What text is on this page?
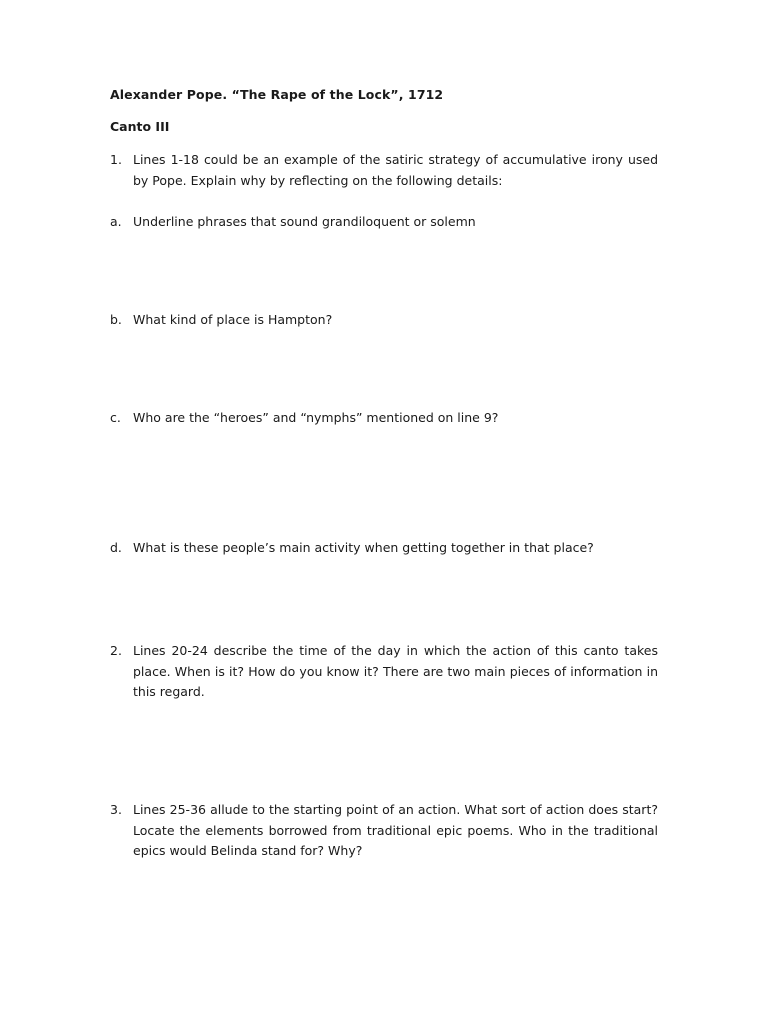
Alexander Pope. “The Rape of the Lock”, 1712
Canto III
1. Lines 1-18 could be an example of the satiric strategy of accumulative irony used by Pope. Explain why by reflecting on the following details:
a. Underline phrases that sound grandiloquent or solemn
b. What kind of place is Hampton?
c. Who are the “heroes” and “nymphs” mentioned on line 9?
d. What is these people’s main activity when getting together in that place?
2. Lines 20-24 describe the time of the day in which the action of this canto takes place. When is it? How do you know it? There are two main pieces of information in this regard.
3. Lines 25-36 allude to the starting point of an action. What sort of action does start? Locate the elements borrowed from traditional epic poems. Who in the traditional epics would Belinda stand for? Why?
